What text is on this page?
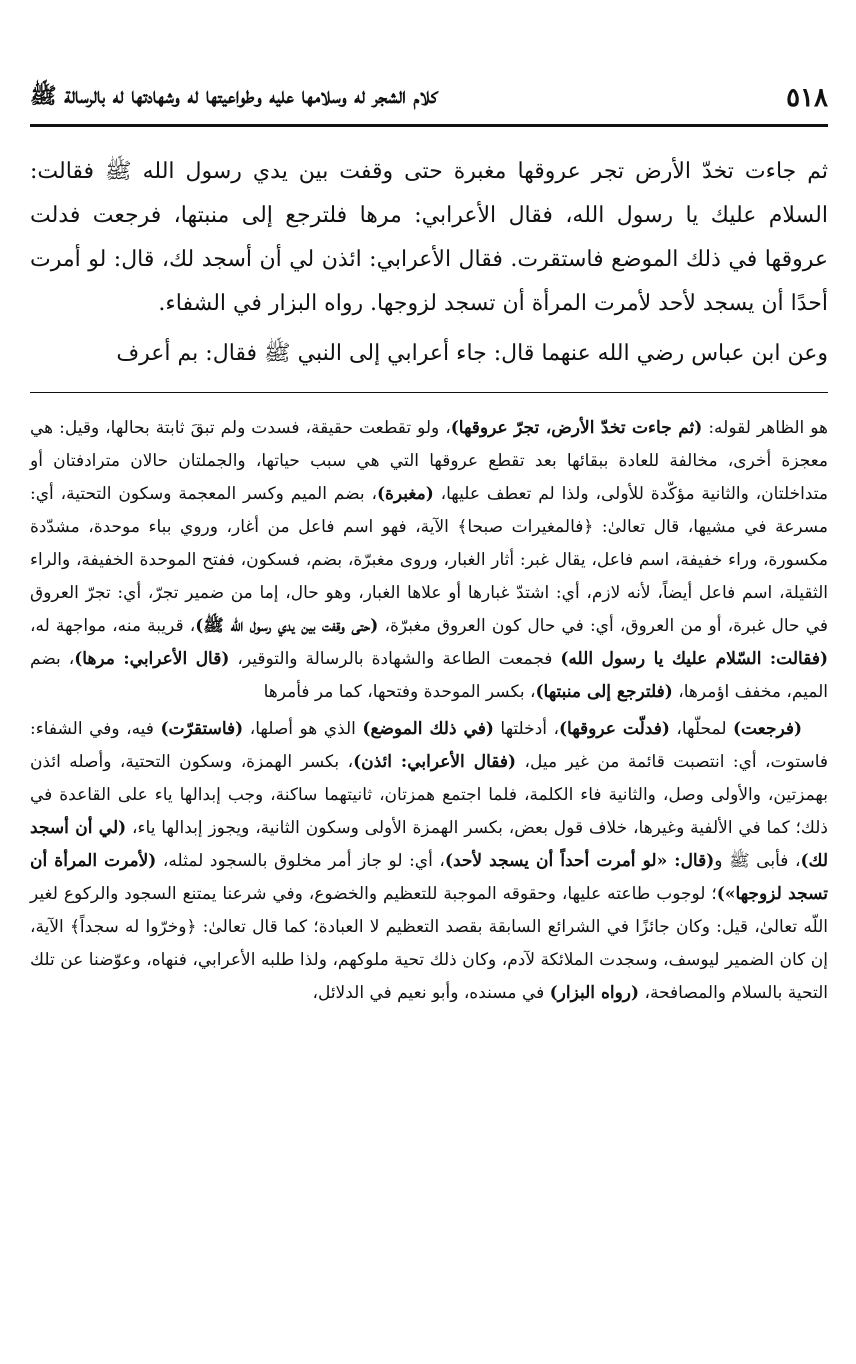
٥١٨
كلام الشجر له وسلامها عليه وطواعيتها له وشهادتها له بالرسالة ﷺ

ثم جاءت تخدّ الأرض تجر عروقها مغبرة حتى وقفت بين يدي رسول الله ﷺ فقالت: السلام عليك يا رسول الله، فقال الأعرابي: مرها فلترجع إلى منبتها، فرجعت فدلت عروقها في ذلك الموضع فاستقرت. فقال الأعرابي: ائذن لي أن أسجد لك، قال: لو أمرت أحدًا أن يسجد لأحد لأمرت المرأة أن تسجد لزوجها. رواه البزار في الشفاء.

وعن ابن عباس رضي الله عنهما قال: جاء أعرابي إلى النبي ﷺ فقال: بم أعرف

هو الظاهر لقوله: (ثم جاءت تخدّ الأرض، تجرّ عروقها)، ولو تقطعت حقيقة، فسدت ولم تبقَ ثابتة بحالها، وقيل: هي معجزة أخرى، مخالفة للعادة ببقائها بعد تقطع عروقها التي هي سبب حياتها، والجملتان حالان مترادفتان أو متداخلتان، والثانية مؤكّدة للأولى، ولذا لم تعطف عليها، (مغبرة)، بضم الميم وكسر المعجمة وسكون التحتية، أي: مسرعة في مشيها، قال تعالىٰ: ﴿فالمغيرات صبحا﴾ الآية، فهو اسم فاعل من أغار، وروي بباء موحدة، مشدّدة مكسورة، وراء خفيفة، اسم فاعل، يقال غبر: أثار الغبار، وروى مغبرّة، بضم، فسكون، ففتح الموحدة الخفيفة، والراء الثقيلة، اسم فاعل أيضاً، لأنه لازم، أي: اشتدّ غبارها أو علاها الغبار، وهو حال، إما من ضمير تجرّ، أي: تجرّ العروق في حال غبرة، أو من العروق، أي: في حال كون العروق مغبرّة، (حتى وقفت بين يدي رسول الله ﷺ)، قريبة منه، مواجهة له، (فقالت: السّلام عليك يا رسول الله) فجمعت الطاعة والشهادة بالرسالة والتوقير، (قال الأعرابي: مرها)، بضم الميم، مخفف اؤمرها، (فلترجع إلى منبتها)، بكسر الموحدة وفتحها، كما مر فأمرها

(فرجعت) لمحلّها، (فدلّت عروقها)، أدخلتها (في ذلك الموضع) الذي هو أصلها، (فاستقرّت) فيه، وفي الشفاء: فاستوت، أي: انتصبت قائمة من غير ميل، (فقال الأعرابي: ائذن)، بكسر الهمزة، وسكون التحتية، وأصله ائذن بهمزتين، والأولى وصل، والثانية فاء الكلمة، فلما اجتمع همزتان، ثانيتهما ساكنة، وجب إبدالها ياء على القاعدة في ذلك؛ كما في الألفية وغيرها، خلاف قول بعض، بكسر الهمزة الأولى وسكون الثانية، ويجوز إبدالها ياء، (لي أن أسجد لك)، فأبى ﷺ و(قال: «لو أمرت أحداً أن يسجد لأحد)، أي: لو جاز أمر مخلوق بالسجود لمثله، (لأمرت المرأة أن تسجد لزوجها»)؛ لوجوب طاعته عليها، وحقوقه الموجبة للتعظيم والخضوع، وفي شرعنا يمتنع السجود والركوع لغير اللّه تعالىٰ، قيل: وكان جائزًا في الشرائع السابقة بقصد التعظيم لا العبادة؛ كما قال تعالىٰ: ﴿وخرّوا له سجداً﴾ الآية، إن كان الضمير ليوسف، وسجدت الملائكة لآدم، وكان ذلك تحية ملوكهم، ولذا طلبه الأعرابي، فنهاه، وعوّضنا عن تلك التحية بالسلام والمصافحة، (رواه البزار) في مسنده، وأبو نعيم في الدلائل،
